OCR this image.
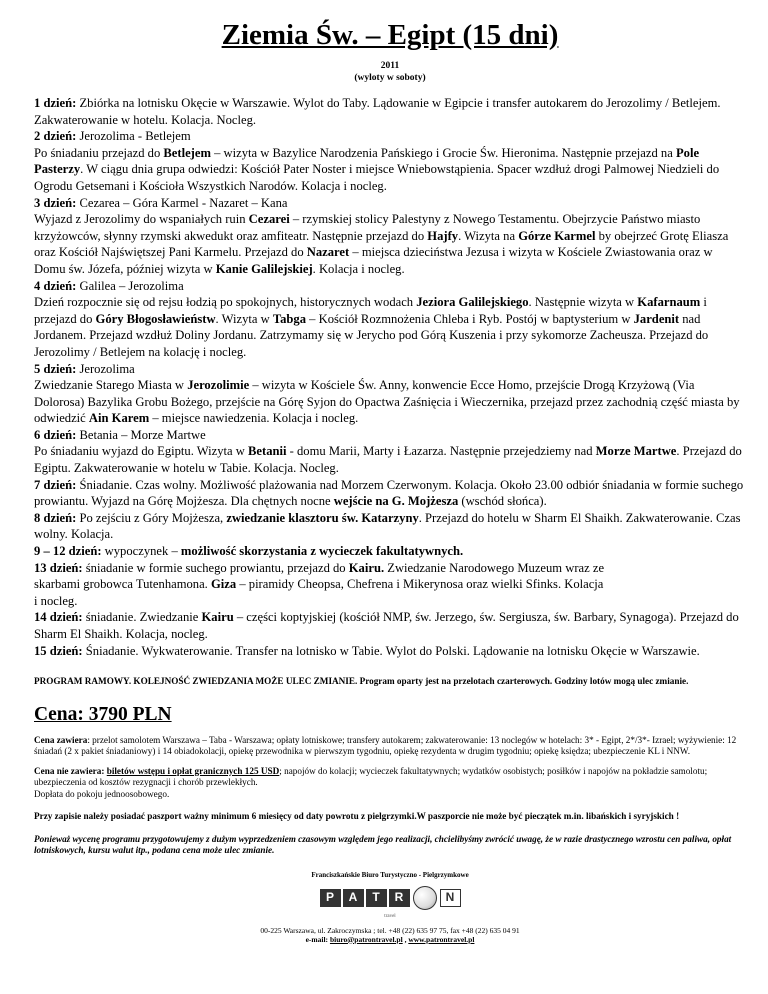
Ziemia Św. – Egipt (15 dni)
2011
(wyloty w soboty)

1 dzień: Zbiórka na lotnisku Okęcie w Warszawie. Wylot do Taby. Lądowanie w Egipcie i transfer autokarem do Jerozolimy / Betlejem. Zakwaterowanie w hotelu. Kolacja. Nocleg.

2 dzień: Jerozolima - Betlejem

Po śniadaniu przejazd do Betlejem – wizyta w Bazylice Narodzenia Pańskiego i Grocie Św. Hieronima. Następnie przejazd na Pole Pasterzy. W ciągu dnia grupa odwiedzi: Kościół Pater Noster i miejsce Wniebowstąpienia. Spacer wzdłuż drogi Palmowej Niedzieli do Ogrodu Getsemani i Kościoła Wszystkich Narodów. Kolacja i nocleg.

3 dzień: Cezarea – Góra Karmel - Nazaret – Kana

Wyjazd z Jerozolimy do wspaniałych ruin Cezarei – rzymskiej stolicy Palestyny z Nowego Testamentu. Obejrzycie Państwo miasto krzyżowców, słynny rzymski akwedukt oraz amfiteatr. Następnie przejazd do Hajfy. Wizyta na Górze Karmel by obejrzeć Grotę Eliasza oraz Kościół Najświętszej Pani Karmelu. Przejazd do Nazaret – miejsca dzieciństwa Jezusa i wizyta w Kościele Zwiastowania oraz w Domu św. Józefa, później wizyta w Kanie Galilejskiej. Kolacja i nocleg.

4 dzień: Galilea – Jerozolima

Dzień rozpocznie się od rejsu łodzią po spokojnych, historycznych wodach Jeziora Galilejskiego. Następnie wizyta w Kafarnaum i przejazd do Góry Błogosławieństw. Wizyta w Tabga – Kościół Rozmnożenia Chleba i Ryb. Postój w baptysterium w Jardenit nad Jordanem. Przejazd wzdłuż Doliny Jordanu. Zatrzymamy się w Jerycho pod Górą Kuszenia i przy sykomorze Zacheusza. Przejazd do Jerozolimy / Betlejem na kolację i nocleg.

5 dzień: Jerozolima

Zwiedzanie Starego Miasta w Jerozolimie – wizyta w Kościele Św. Anny, konwencie Ecce Homo, przejście Drogą Krzyżową (Via Dolorosa) Bazylika Grobu Bożego, przejście na Górę Syjon do Opactwa Zaśnięcia i Wieczernika, przejazd przez zachodnią część miasta by odwiedzić Ain Karem – miejsce nawiedzenia. Kolacja i nocleg.

6 dzień: Betania – Morze Martwe

Po śniadaniu wyjazd do Egiptu. Wizyta w Betanii - domu Marii, Marty i Łazarza. Następnie przejedziemy nad Morze Martwe. Przejazd do Egiptu. Zakwaterowanie w hotelu w Tabie. Kolacja. Nocleg.

7 dzień: Śniadanie. Czas wolny. Możliwość plażowania nad Morzem Czerwonym. Kolacja. Około 23.00 odbiór śniadania w formie suchego prowiantu. Wyjazd na Górę Mojżesza. Dla chętnych nocne wejście na G. Mojżesza (wschód słońca).

8 dzień: Po zejściu z Góry Mojżesza, zwiedzanie klasztoru św. Katarzyny. Przejazd do hotelu w Sharm El Shaikh. Zakwaterowanie. Czas wolny. Kolacja.

9 – 12 dzień: wypoczynek – możliwość skorzystania z wycieczek fakultatywnych.

13 dzień: śniadanie w formie suchego prowiantu, przejazd do Kairu. Zwiedzanie Narodowego Muzeum wraz ze

skarbami grobowca Tutenhamona. Giza – piramidy Cheopsa, Chefrena i Mikerynosa oraz wielki Sfinks. Kolacja

i nocleg.

14 dzień: śniadanie. Zwiedzanie Kairu – części koptyjskiej (kościół NMP, św. Jerzego, św. Sergiusza, św. Barbary, Synagoga). Przejazd do Sharm El Shaikh. Kolacja, nocleg.

15 dzień: Śniadanie. Wykwaterowanie. Transfer na lotnisko w Tabie. Wylot do Polski. Lądowanie na lotnisku Okęcie w Warszawie.

PROGRAM RAMOWY. KOLEJNOŚĆ ZWIEDZANIA MOŻE ULEC ZMIANIE. Program oparty jest na przelotach czarterowych. Godziny lotów mogą ulec zmianie.
Cena: 3790 PLN
Cena zawiera: przelot samolotem Warszawa – Taba - Warszawa; opłaty lotniskowe; transfery autokarem; zakwaterowanie: 13 noclegów w hotelach: 3* - Egipt, 2*/3*- Izrael; wyżywienie: 12 śniadań (2 x pakiet śniadaniowy) i 14 obiadokolacji, opiekę przewodnika w pierwszym tygodniu, opiekę rezydenta w drugim tygodniu; opiekę księdza; ubezpieczenie KL i NNW.
Cena nie zawiera: biletów wstępu i opłat granicznych 125 USD; napojów do kolacji; wycieczek fakultatywnych; wydatków osobistych; posiłków i napojów na pokładzie samolotu; ubezpieczenia od kosztów rezygnacji i chorób przewlekłych.
Dopłata do pokoju jednoosobowego.
Przy zapisie należy posiadać paszport ważny minimum 6 miesięcy od daty powrotu z pielgrzymki.W paszporcie nie może być pieczątek m.in. libańskich i syryjskich !
Ponieważ wycenę programu przygotowujemy z dużym wyprzedzeniem czasowym względem jego realizacji, chcielibyśmy zwrócić uwagę, że w razie drastycznego wzrostu cen paliwa, opłat lotniskowych, kursu walut itp., podana cena może ulec zmianie.
Franciszkańskie Biuro Turystyczno - Pielgrzymkowe
P	A	T	R	N
travel
00-225 Warszawa, ul. Zakroczymska ; tel. +48 (22) 635 97 75, fax +48 (22) 635 04 91
e-mail: biuro@patrontravel.pl , www.patrontravel.pl
